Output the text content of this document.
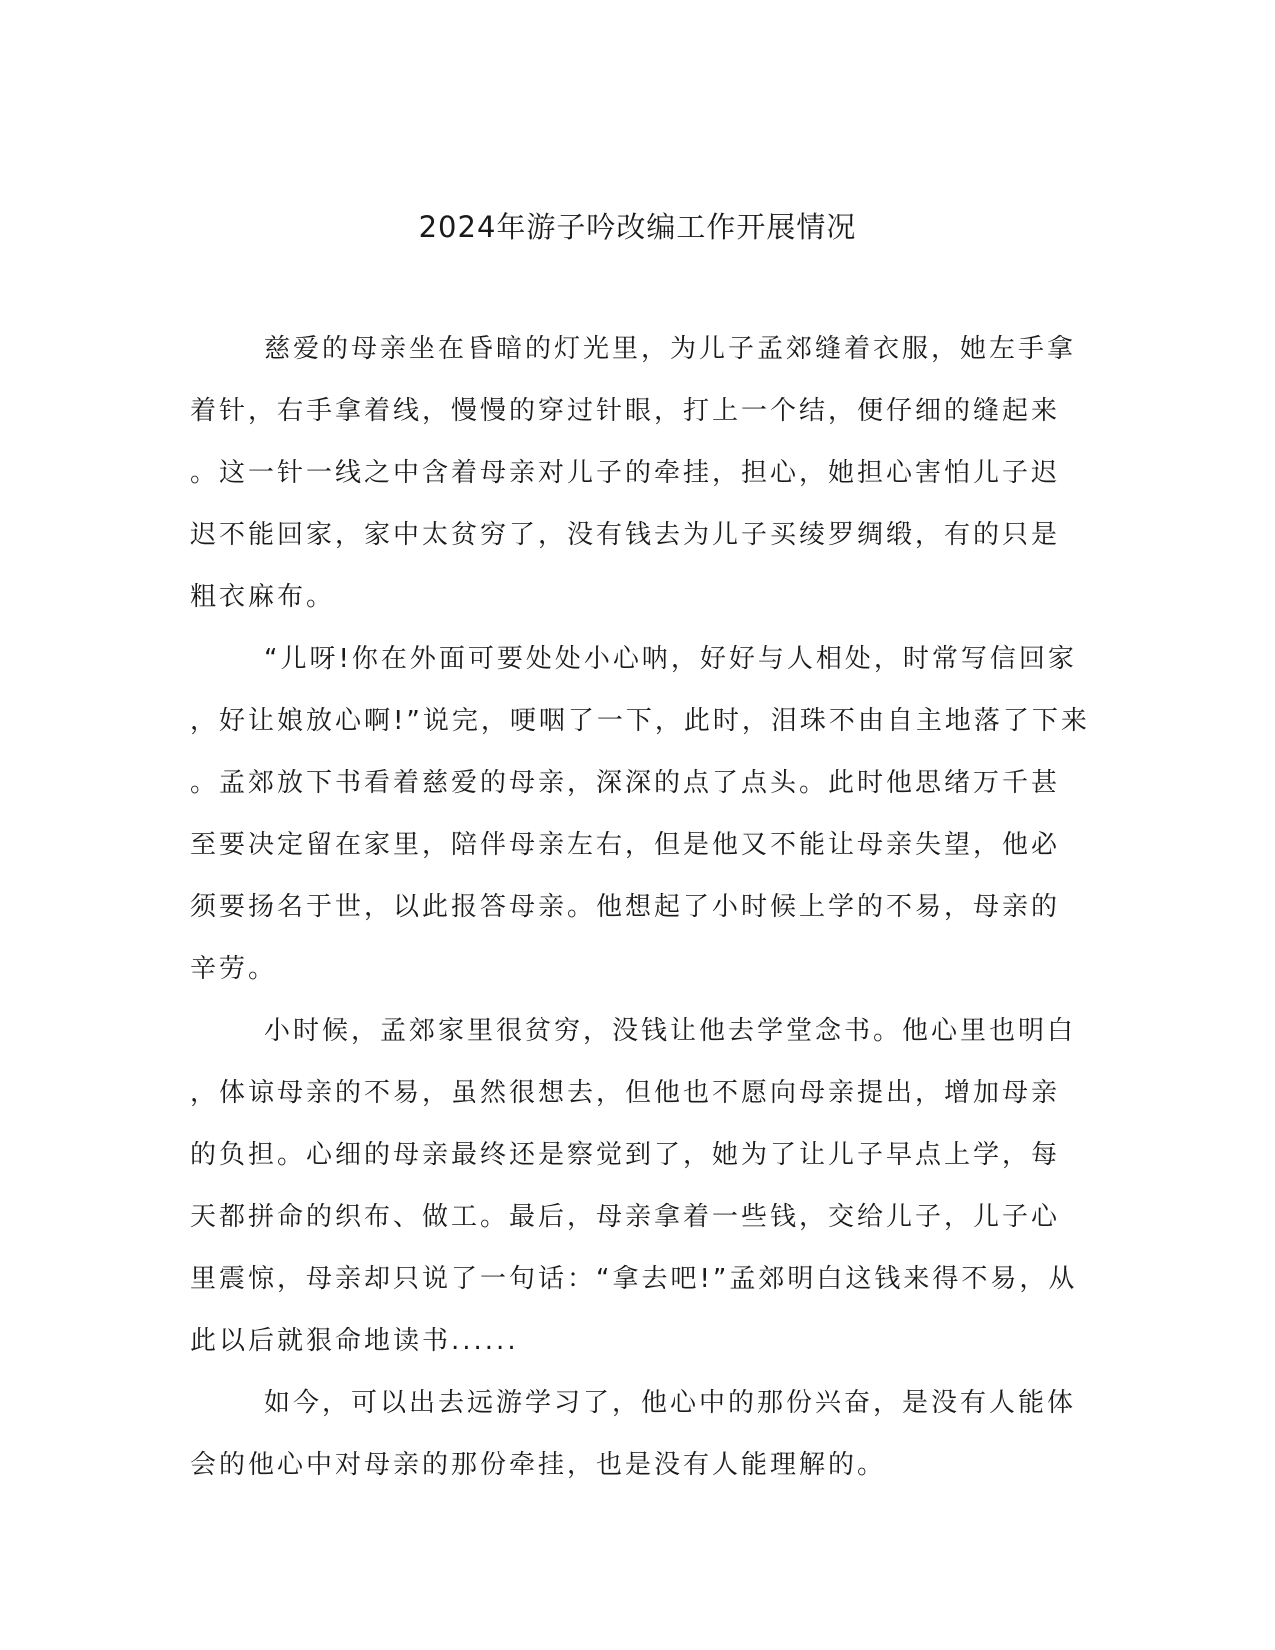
2024年游子吟改编工作开展情况

慈爱的母亲坐在昏暗的灯光里，为儿子孟郊缝着衣服，她左手拿
着针，右手拿着线，慢慢的穿过针眼，打上一个结，便仔细的缝起来
。这一针一线之中含着母亲对儿子的牵挂，担心，她担心害怕儿子迟
迟不能回家，家中太贫穷了，没有钱去为儿子买绫罗绸缎，有的只是
粗衣麻布。

“儿呀!你在外面可要处处小心呐，好好与人相处，时常写信回家
，好让娘放心啊!”说完，哽咽了一下，此时，泪珠不由自主地落了下来
。孟郊放下书看着慈爱的母亲，深深的点了点头。此时他思绪万千甚
至要决定留在家里，陪伴母亲左右，但是他又不能让母亲失望，他必
须要扬名于世，以此报答母亲。他想起了小时候上学的不易，母亲的
辛劳。

小时候，孟郊家里很贫穷，没钱让他去学堂念书。他心里也明白
，体谅母亲的不易，虽然很想去，但他也不愿向母亲提出，增加母亲
的负担。心细的母亲最终还是察觉到了，她为了让儿子早点上学，每
天都拼命的织布、做工。最后，母亲拿着一些钱，交给儿子，儿子心
里震惊，母亲却只说了一句话：“拿去吧!”孟郊明白这钱来得不易，从
此以后就狠命地读书......

如今，可以出去远游学习了，他心中的那份兴奋，是没有人能体
会的他心中对母亲的那份牵挂，也是没有人能理解的。
